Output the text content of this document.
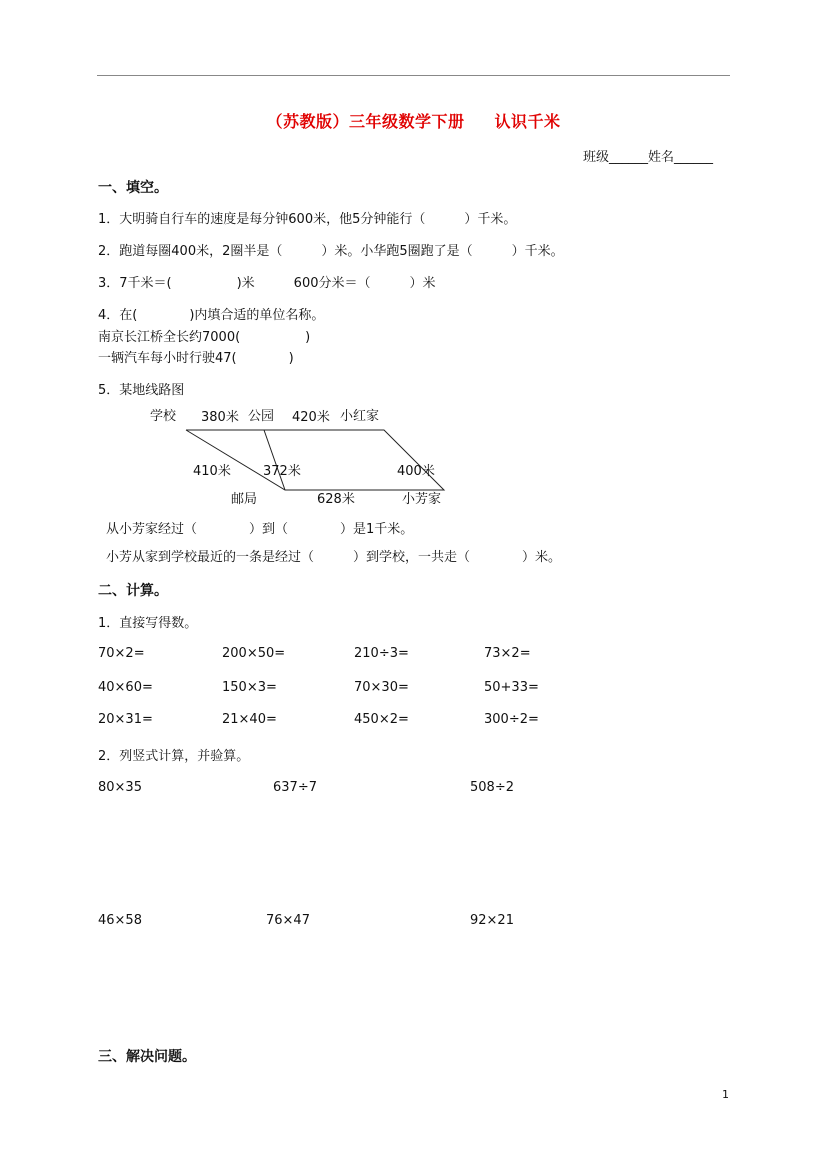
（苏教版）三年级数学下册 认识千米
班级______姓名______
一、填空。
1．大明骑自行车的速度是每分钟600米，他5分钟能行（　　　）千米。
2．跑道每圈400米，2圈半是（　　　）米。小华跑5圈跑了是（　　　）千米。
3．7千米＝(　　　　　)米　　　600分米＝（　　　）米
4．在(　　　　)内填合适的单位名称。
南京长江桥全长约7000(　　　　　)
一辆汽车每小时行驶47(　　　　)
5．某地线路图
学校 380米 公园 420米 小红家
410米 372米	400米
邮局	628米	小芳家
从小芳家经过（　　　　）到（　　　　）是1千米。
小芳从家到学校最近的一条是经过（　　　）到学校，一共走（　　　　）米。
二、计算。
1．直接写得数。
70×2=	200×50=	210÷3=	73×2=
40×60=	150×3=	70×30=	50+33=
20×31=	21×40=	450×2=	300÷2=
2．列竖式计算，并验算。
80×35	637÷7	508÷2
46×58	76×47	92×21
三、解决问题。
1
